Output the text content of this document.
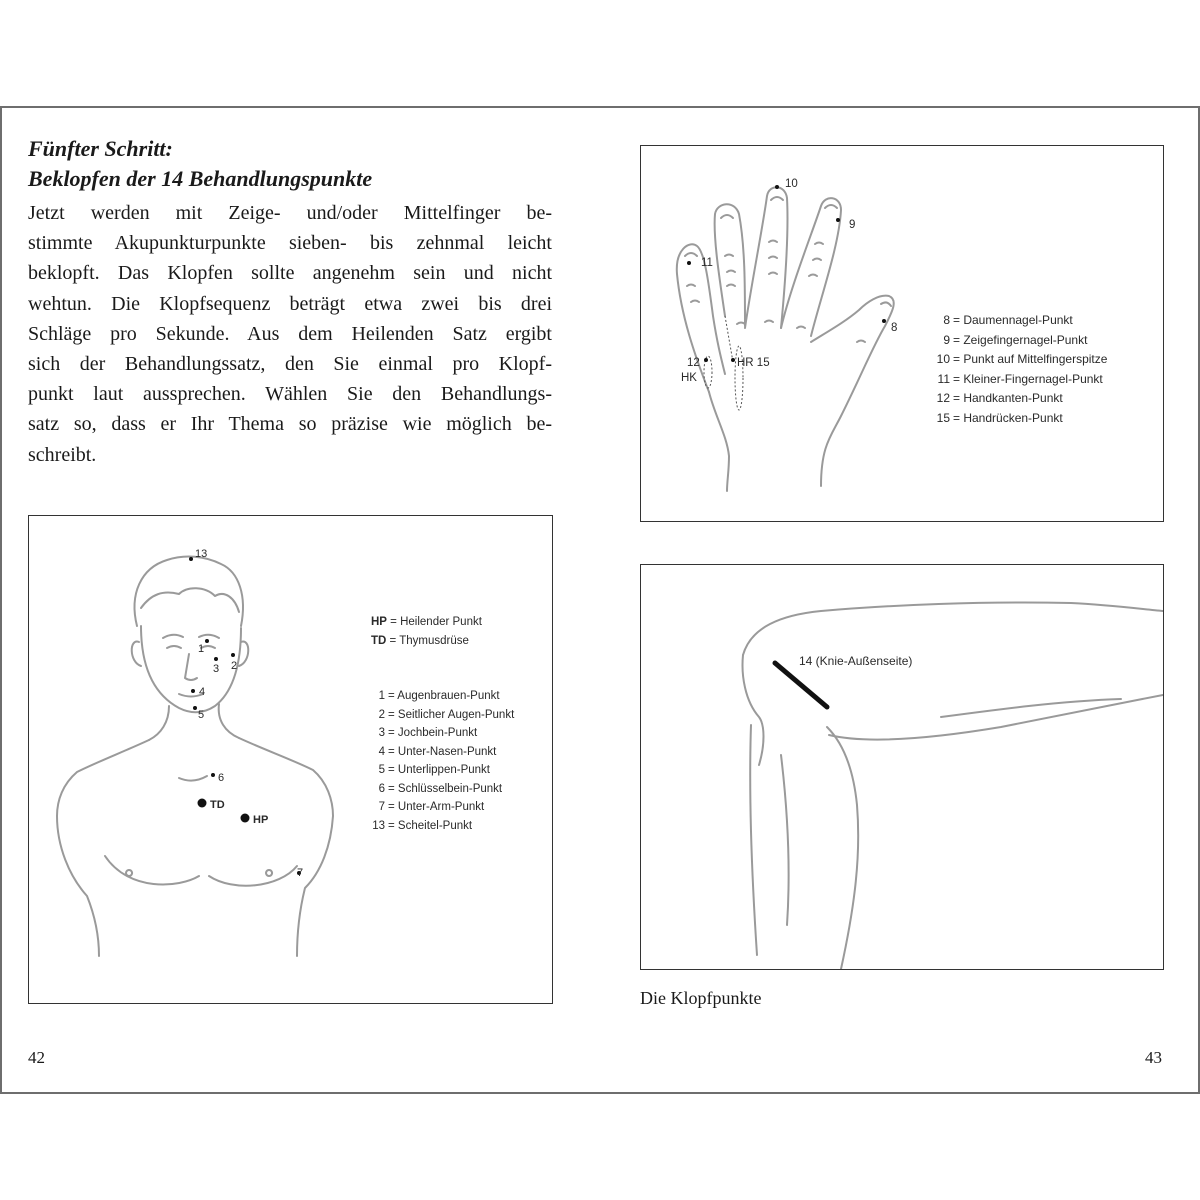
Fünfter Schritt:
Beklopfen der 14 Behandlungspunkte

Jetzt werden mit Zeige- und/oder Mittelfinger be-
stimmte Akupunkturpunkte sieben- bis zehnmal leicht
beklopft. Das Klopfen sollte angenehm sein und nicht
wehtun. Die Klopfsequenz beträgt etwa zwei bis drei
Schläge pro Sekunde. Aus dem Heilenden Satz ergibt
sich der Behandlungssatz, den Sie einmal pro Klopf-
punkt laut aussprechen. Wählen Sie den Behandlungs-
satz so, dass er Ihr Thema so präzise wie möglich be-
schreibt.

13
1
2
3
4
5
6
TD
HP
7
HP = Heilender Punkt
TD = Thymusdrüse
1 = Augenbrauen-Punkt
2 = Seitlicher Augen-Punkt
3 = Jochbein-Punkt
4 = Unter-Nasen-Punkt
5 = Unterlippen-Punkt
6 = Schlüsselbein-Punkt
7 = Unter-Arm-Punkt
13 = Scheitel-Punkt
10
9
11
8
12
HK
HR 15
8 = Daumennagel-Punkt
9 = Zeigefingernagel-Punkt
10 = Punkt auf Mittelfingerspitze
11 = Kleiner-Fingernagel-Punkt
12 = Handkanten-Punkt
15 = Handrücken-Punkt
14 (Knie-Außenseite)
Die Klopfpunkte
42	43
